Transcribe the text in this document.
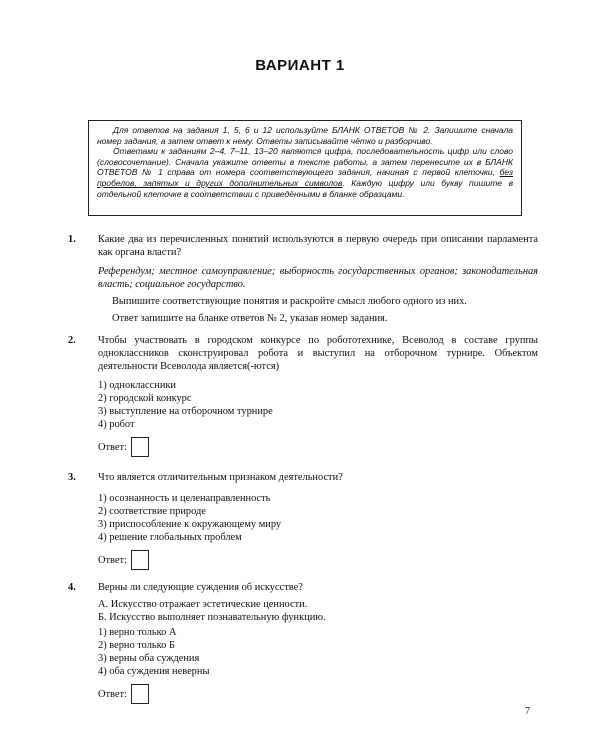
ВАРИАНТ 1

Для ответов на задания 1, 5, 6 и 12 используйте БЛАНК ОТВЕТОВ № 2. Запишите сначала номер задания, а затем ответ к нему. Ответы записывайте чётко и разборчиво.

Ответами к заданиям 2–4, 7–11, 13–20 являются цифра, последовательность цифр или слово (словосочетание). Сначала укажите ответы в тексте работы, а затем перенесите их в БЛАНК ОТВЕТОВ № 1 справа от номера соответствующего задания, начиная с первой клеточки, без пробелов, запятых и других дополнительных символов. Каждую цифру или букву пишите в отдельной клеточке в соответствии с приведёнными в бланке образцами.

1. Какие два из перечисленных понятий используются в первую очередь при описании парламента как органа власти?
Референдум; местное самоуправление; выборность государственных органов; законодательная власть; социальное государство.
Выпишите соответствующие понятия и раскройте смысл любого одного из них.
Ответ запишите на бланке ответов № 2, указав номер задания.
2. Чтобы участвовать в городском конкурсе по робототехнике, Всеволод в составе группы одноклассников сконструировал робота и выступил на отборочном турнире. Объектом деятельности Всеволода является(-ются)
1) одноклассники
2) городской конкурс
3) выступление на отборочном турнире
4) робот
Ответ:
3. Что является отличительным признаком деятельности?
1) осознанность и целенаправленность
2) соответствие природе
3) приспособление к окружающему миру
4) решение глобальных проблем
Ответ:
4. Верны ли следующие суждения об искусстве?
А. Искусство отражает эстетические ценности.
Б. Искусство выполняет познавательную функцию.
1) верно только А
2) верно только Б
3) верны оба суждения
4) оба суждения неверны
Ответ:
7
